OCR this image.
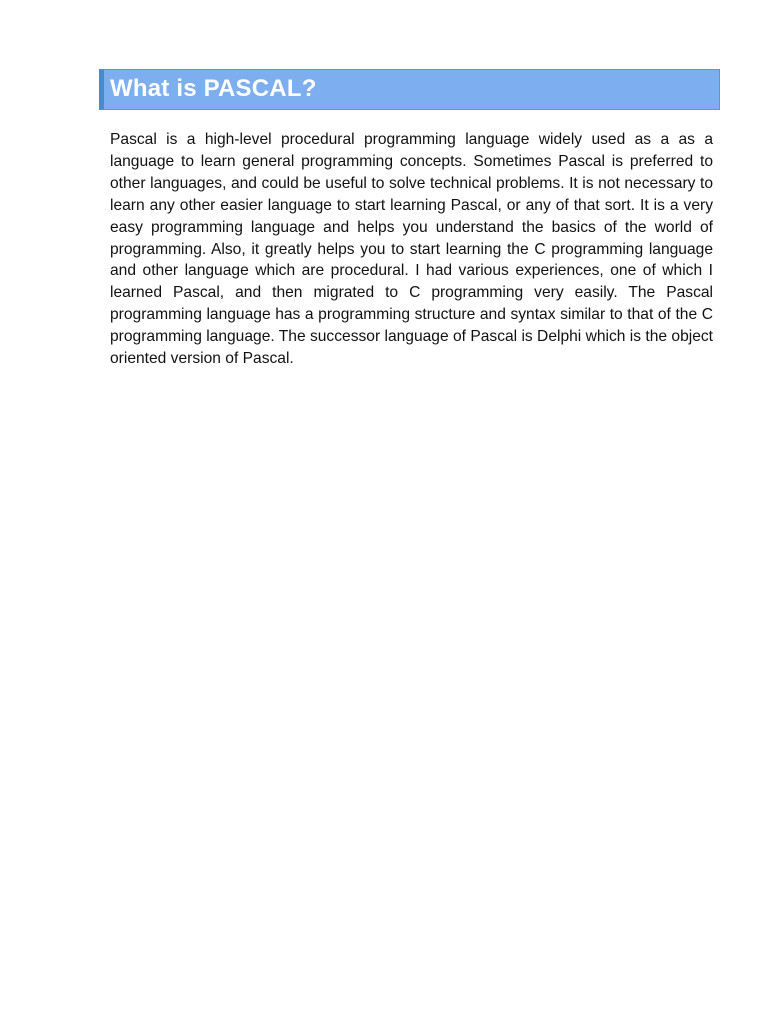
What is PASCAL?

Pascal is a high-level procedural programming language widely used as a as a language to learn general programming concepts. Sometimes Pascal is preferred to other languages, and could be useful to solve technical problems. It is not necessary to learn any other easier language to start learning Pascal, or any of that sort. It is a very easy programming language and helps you understand the basics of the world of programming. Also, it greatly helps you to start learning the C programming language and other language which are procedural. I had various experiences, one of which I learned Pascal, and then migrated to C programming very easily. The Pascal programming language has a programming structure and syntax similar to that of the C programming language. The successor language of Pascal is Delphi which is the object oriented version of Pascal.
